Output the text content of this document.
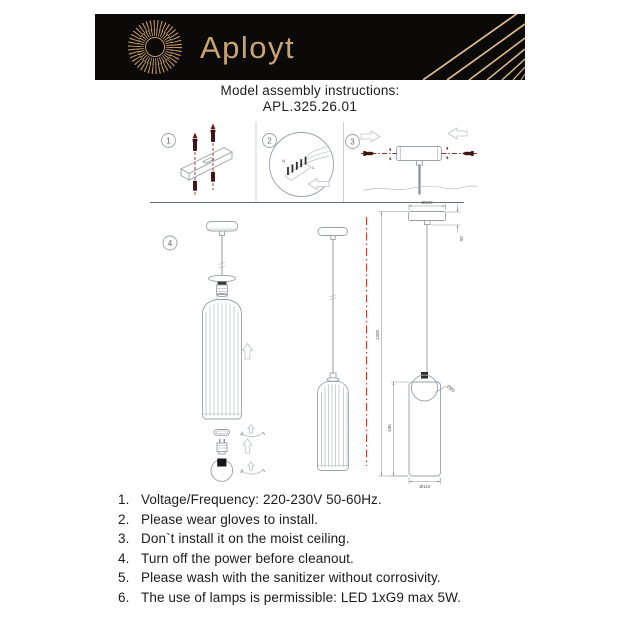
Aployt
Model assembly instructions:
APL.325.26.01
1	2
N
L
3
4
Ø100
25
1300
435
Ø110
Ø80
1. Voltage/Frequency: 220-230V 50-60Hz.
2. Please wear gloves to install.
3. Don`t install it on the moist ceiling.
4. Turn off the power before cleanout.
5. Please wash with the sanitizer without corrosivity.
6. The use of lamps is permissible: LED 1xG9 max 5W.
